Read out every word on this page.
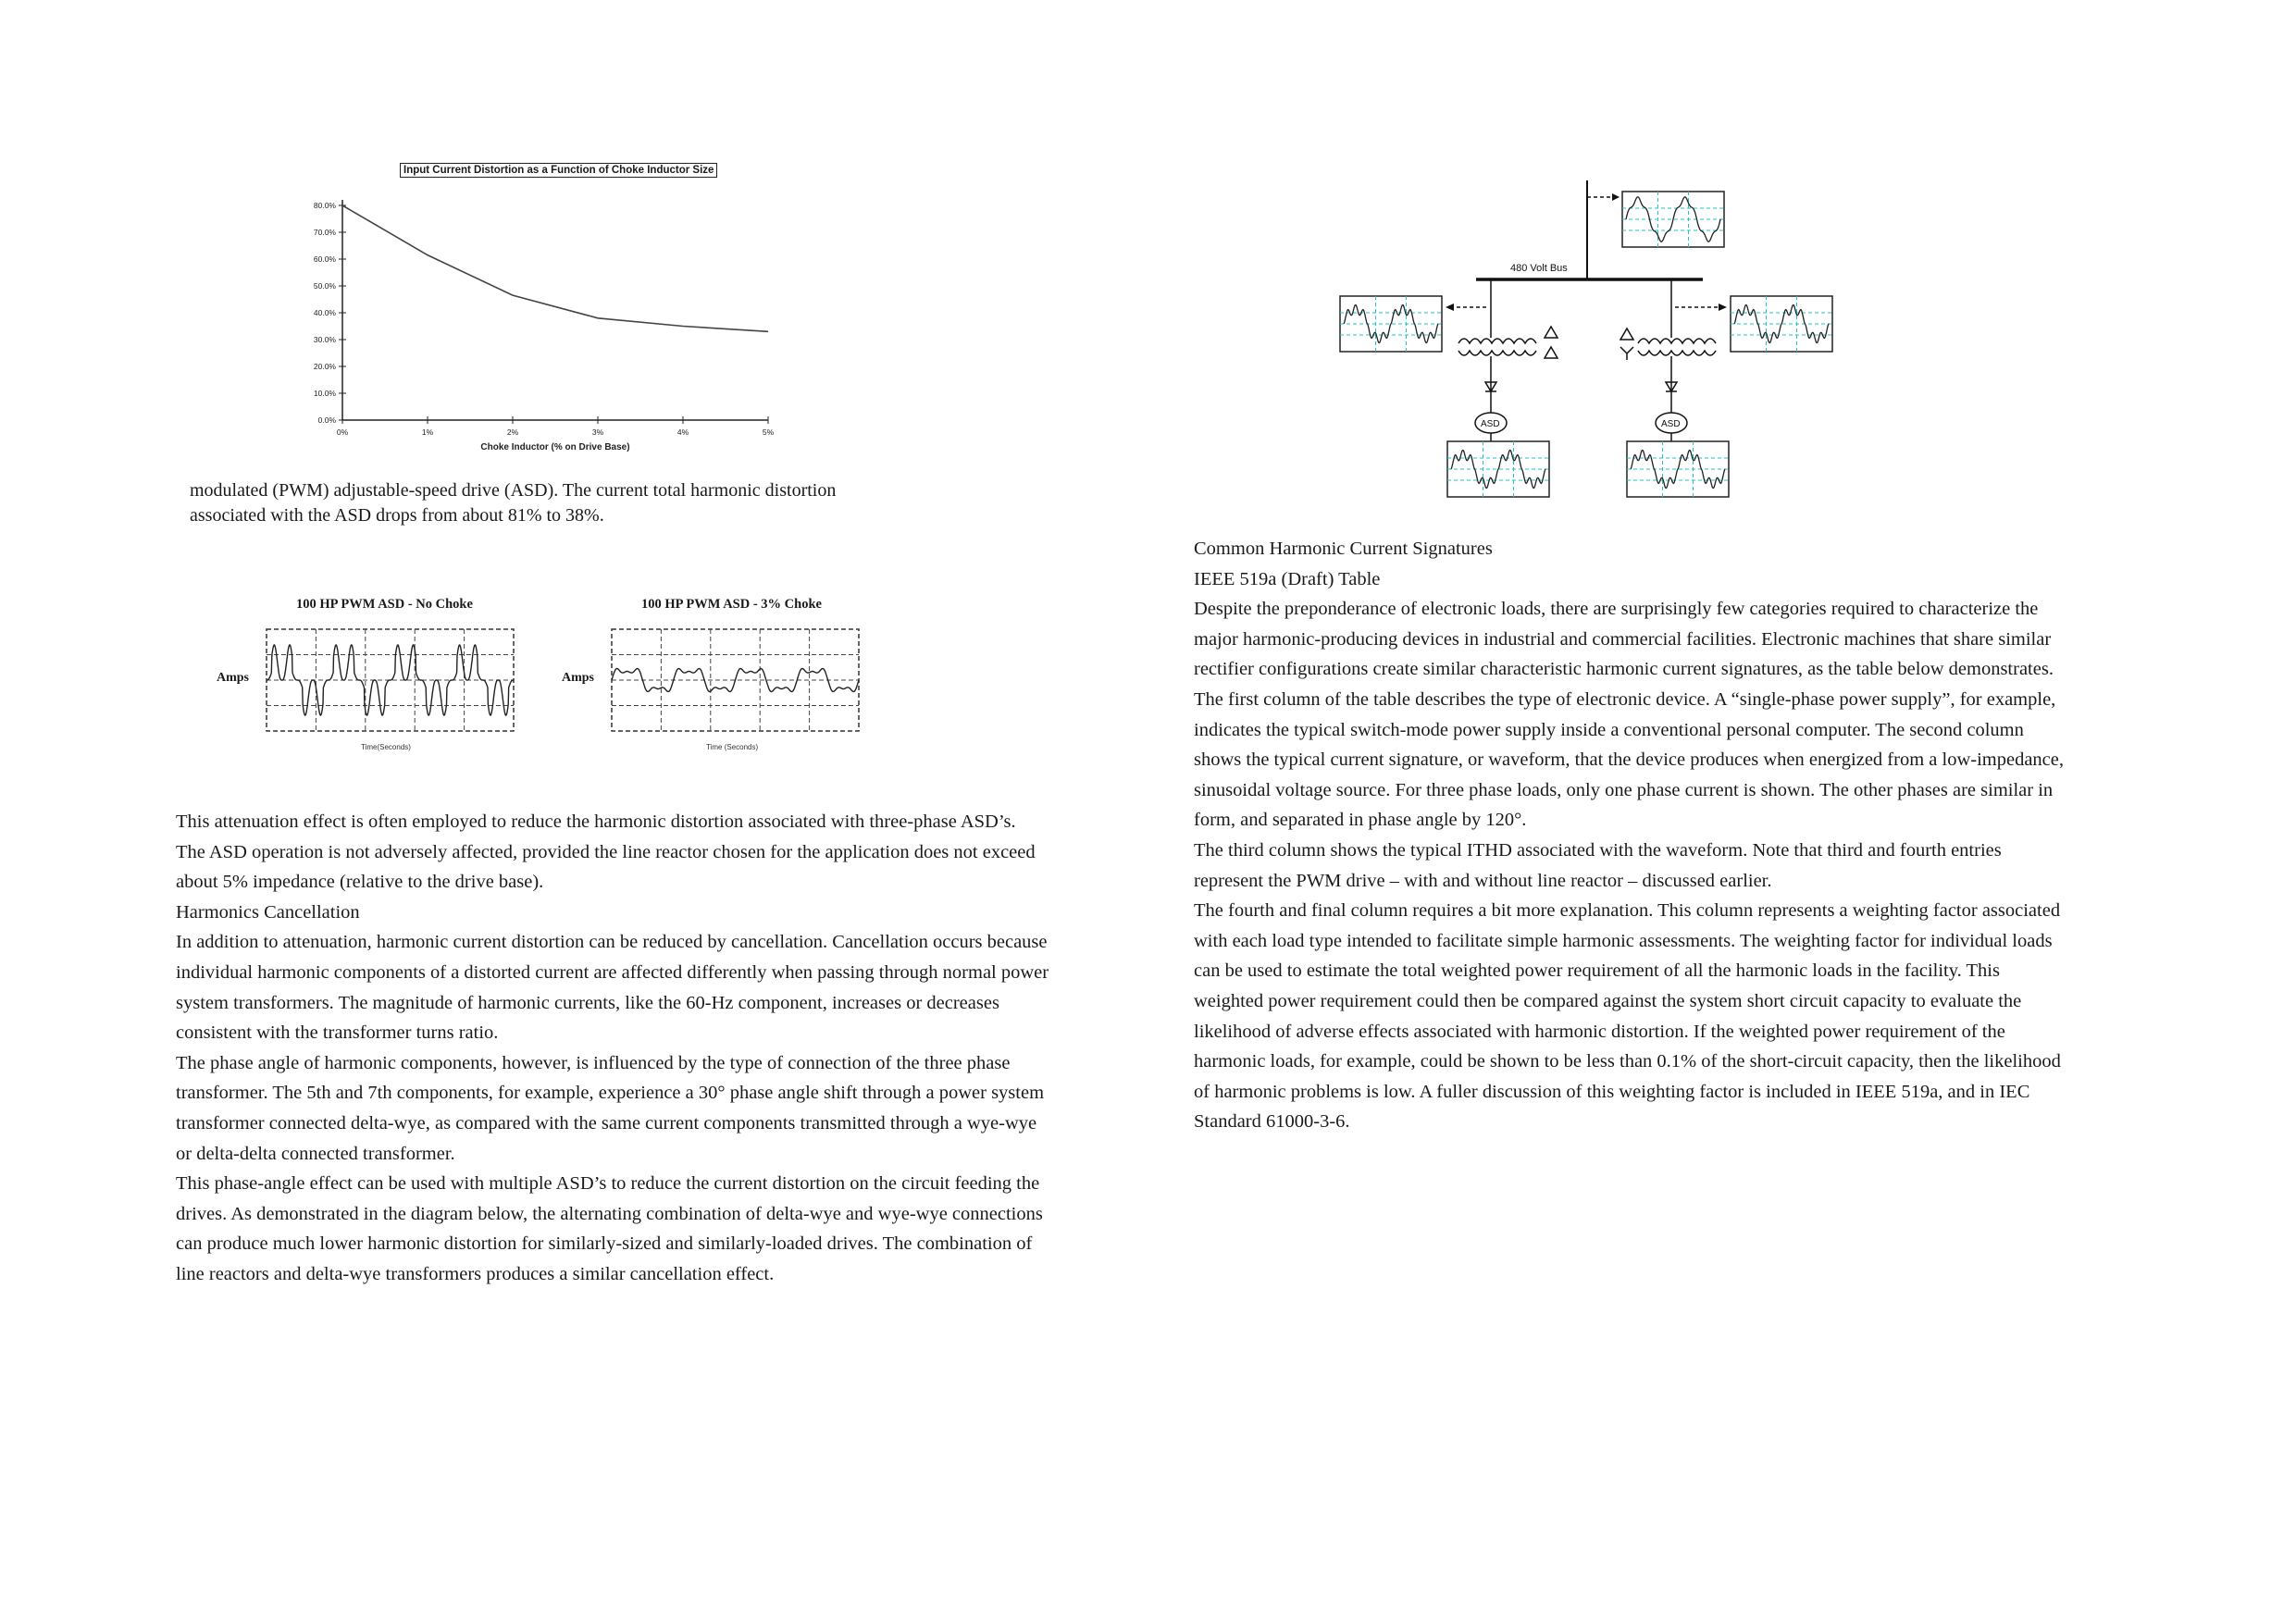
Input Current Distortion as a Function of Choke Inductor Size
0.0%
10.0%
20.0%
30.0%
40.0%
50.0%
60.0%
70.0%
80.0%
0%	1%	2%	3%	4%	5%
Choke Inductor (% on Drive Base)
modulated (PWM) adjustable-speed drive (ASD). The current total harmonic distortion
associated with the ASD drops from about 81% to 38%.
100 HP PWM ASD - No Choke
Amps
Time(Seconds)
100 HP PWM ASD - 3% Choke
Amps
Time (Seconds)

This attenuation effect is often employed to reduce the harmonic distortion associated with three-phase ASD’s.

The ASD operation is not adversely affected, provided the line reactor chosen for the application does not exceed
about 5% impedance (relative to the drive base).

Harmonics Cancellation

In addition to attenuation, harmonic current distortion can be reduced by cancellation. Cancellation occurs because
individual harmonic components of a distorted current are affected differently when passing through normal power
system transformers. The magnitude of harmonic currents, like the 60-Hz component, increases or decreases
consistent with the transformer turns ratio.

The phase angle of harmonic components, however, is influenced by the type of connection of the three phase
transformer. The 5th and 7th components, for example, experience a 30° phase angle shift through a power system
transformer connected delta-wye, as compared with the same current components transmitted through a wye-wye
or delta-delta connected transformer.

This phase-angle effect can be used with multiple ASD’s to reduce the current distortion on the circuit feeding the
drives. As demonstrated in the diagram below, the alternating combination of delta-wye and wye-wye connections
can produce much lower harmonic distortion for similarly-sized and similarly-loaded drives. The combination of
line reactors and delta-wye transformers produces a similar cancellation effect.

480 Volt Bus
ASD	ASD

Common Harmonic Current Signatures

IEEE 519a (Draft) Table

Despite the preponderance of electronic loads, there are surprisingly few categories required to characterize the
major harmonic-producing devices in industrial and commercial facilities. Electronic machines that share similar
rectifier configurations create similar characteristic harmonic current signatures, as the table below demonstrates.
The first column of the table describes the type of electronic device. A “single-phase power supply”, for example,
indicates the typical switch-mode power supply inside a conventional personal computer. The second column
shows the typical current signature, or waveform, that the device produces when energized from a low-impedance,
sinusoidal voltage source. For three phase loads, only one phase current is shown. The other phases are similar in
form, and separated in phase angle by 120°.

The third column shows the typical ITHD associated with the waveform. Note that third and fourth entries
represent the PWM drive – with and without line reactor – discussed earlier.

The fourth and final column requires a bit more explanation. This column represents a weighting factor associated
with each load type intended to facilitate simple harmonic assessments. The weighting factor for individual loads
can be used to estimate the total weighted power requirement of all the harmonic loads in the facility. This
weighted power requirement could then be compared against the system short circuit capacity to evaluate the
likelihood of adverse effects associated with harmonic distortion. If the weighted power requirement of the
harmonic loads, for example, could be shown to be less than 0.1% of the short-circuit capacity, then the likelihood
of harmonic problems is low. A fuller discussion of this weighting factor is included in IEEE 519a, and in IEC
Standard 61000-3-6.
